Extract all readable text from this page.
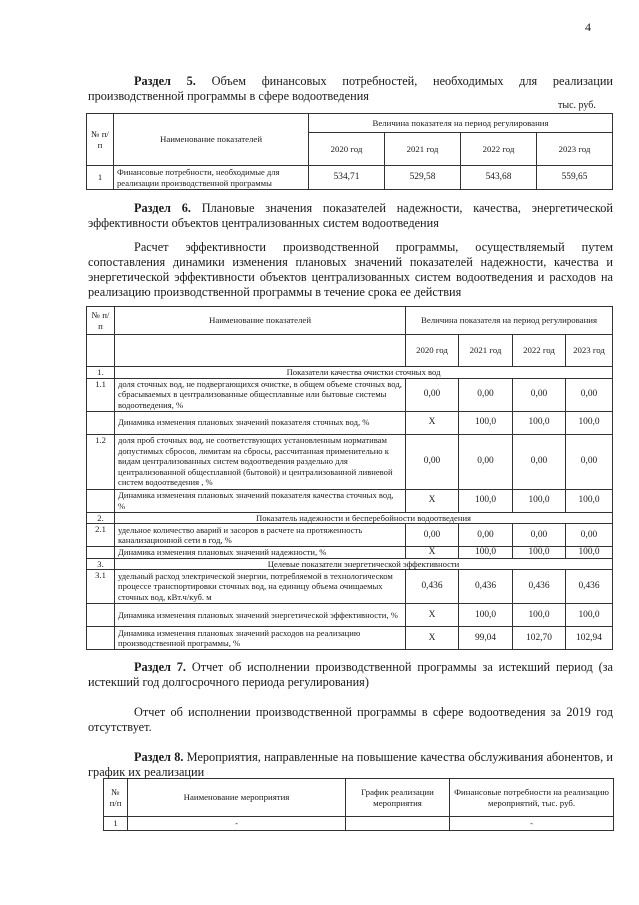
4
Раздел 5. Объем финансовых потребностей, необходимых для реализации производственной программы в сфере водоотведения
тыс. руб.
№ п/п	Наименование показателей	Величина показателя на период регулирования			
		2020 год	2021 год	2022 год	2023 год
1	Финансовые потребности, необходимые для реализации производственной программы	534,71	529,58	543,68	559,65
Раздел 6. Плановые значения показателей надежности, качества, энергетической эффективности объектов централизованных систем водоотведения
Расчет эффективности производственной программы, осуществляемый путем сопоставления динамики изменения плановых значений показателей надежности, качества и энергетической эффективности объектов централизованных систем водоотведения и расходов на реализацию производственной программы в течение срока ее действия
№ п/п	Наименование показателей	Величина показателя на период регулирования			
		2020 год	2021 год	2022 год	2023 год
1.	Показатели качества очистки сточных вод				
1.1	доля сточных вод, не подвергающихся очистке, в общем объеме сточных вод, сбрасываемых в централизованные общесплавные или бытовые системы водоотведения, %	0,00	0,00	0,00	0,00
	Динамика изменения плановых значений показателя сточных вод, %	X	100,0	100,0	100,0
1.2	доля проб сточных вод, не соответствующих установленным нормативам допустимых сбросов, лимитам на сбросы, рассчитанная применительно к видам централизованных систем водоотведения раздельно для централизованной общесплавной (бытовой) и централизованной ливневой систем водоотведения , %	0,00	0,00	0,00	0,00
	Динамика изменения плановых значений показателя качества сточных вод, %	X	100,0	100,0	100,0
2.	Показатель надежности и бесперебойности водоотведения				
2.1	удельное количество аварий и засоров в расчете на протяженность канализационной сети в год, %	0,00	0,00	0,00	0,00
	Динамика изменения плановых значений надежности, %	X	100,0	100,0	100,0
3.	Целевые показатели энергетической эффективности				
3.1	удельный расход электрической энергии, потребляемой в технологическом процессе транспортировки сточных вод, на единицу объема очищаемых сточных вод, кВт.ч/куб. м	0,436	0,436	0,436	0,436
	Динамика изменения плановых значений энергетической эффективности, %	X	100,0	100,0	100,0
	Динамика изменения плановых значений расходов на реализацию производственной программы, %	X	99,04	102,70	102,94
Раздел 7. Отчет об исполнении производственной программы за истекший период (за истекший год долгосрочного периода регулирования)
Отчет об исполнении производственной программы в сфере водоотведения за 2019 год отсутствует.
Раздел 8. Мероприятия, направленные на повышение качества обслуживания абонентов, и график их реализации
№ п/п	Наименование мероприятия	График реализации мероприятия	Финансовые потребности на реализацию мероприятий, тыс. руб.
1	-		-
